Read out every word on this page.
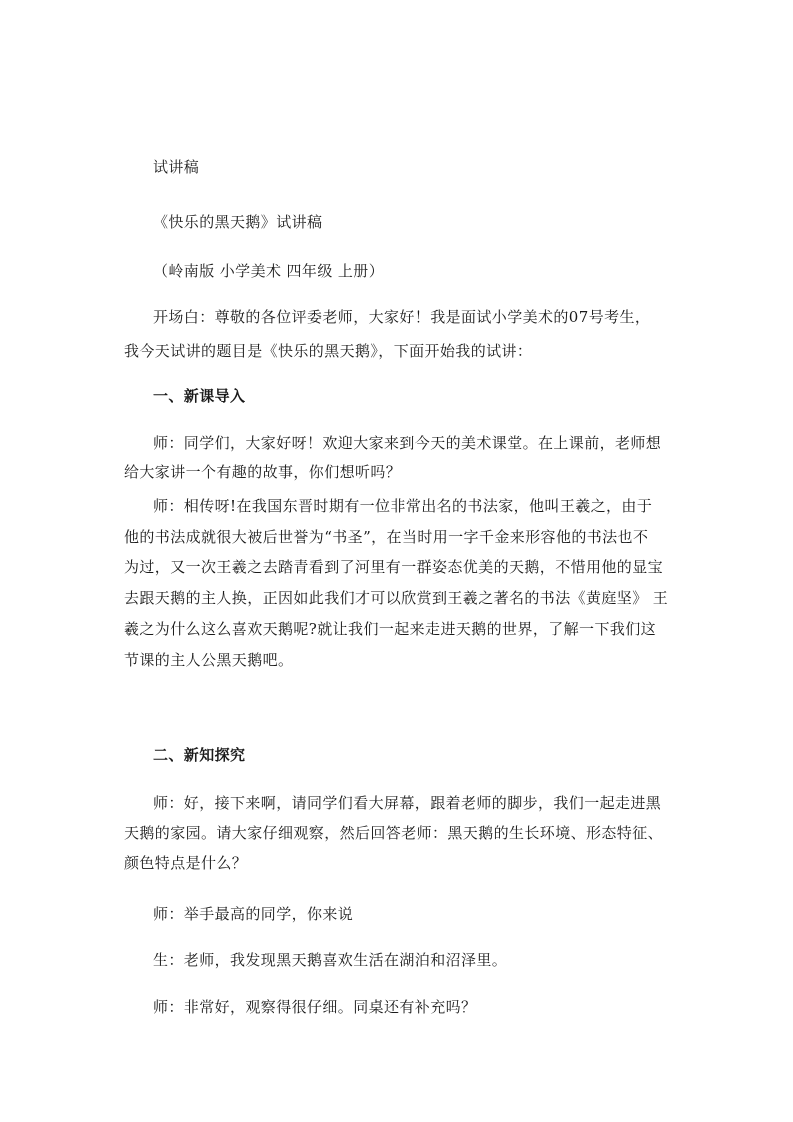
试讲稿
《快乐的黑天鹅》试讲稿
（岭南版 小学美术 四年级 上册）
开场白：尊敬的各位评委老师，大家好！我是面试小学美术的07号考生，
我今天试讲的题目是《快乐的黑天鹅》，下面开始我的试讲：
一、新课导入
师：同学们，大家好呀！欢迎大家来到今天的美术课堂。在上课前，老师想
给大家讲一个有趣的故事，你们想听吗？
师：相传呀!在我国东晋时期有一位非常出名的书法家，他叫王羲之，由于
他的书法成就很大被后世誉为“书圣”，在当时用一字千金来形容他的书法也不
为过，又一次王羲之去踏青看到了河里有一群姿态优美的天鹅，不惜用他的显宝
去跟天鹅的主人换，正因如此我们才可以欣赏到王羲之著名的书法《黄庭坚》 王
羲之为什么这么喜欢天鹅呢?就让我们一起来走进天鹅的世界，了解一下我们这
节课的主人公黑天鹅吧。
二、新知探究
师：好，接下来啊，请同学们看大屏幕，跟着老师的脚步，我们一起走进黑
天鹅的家园。请大家仔细观察，然后回答老师：黑天鹅的生长环境、形态特征、
颜色特点是什么？
师：举手最高的同学，你来说
生：老师，我发现黑天鹅喜欢生活在湖泊和沼泽里。
师：非常好，观察得很仔细。同桌还有补充吗？
